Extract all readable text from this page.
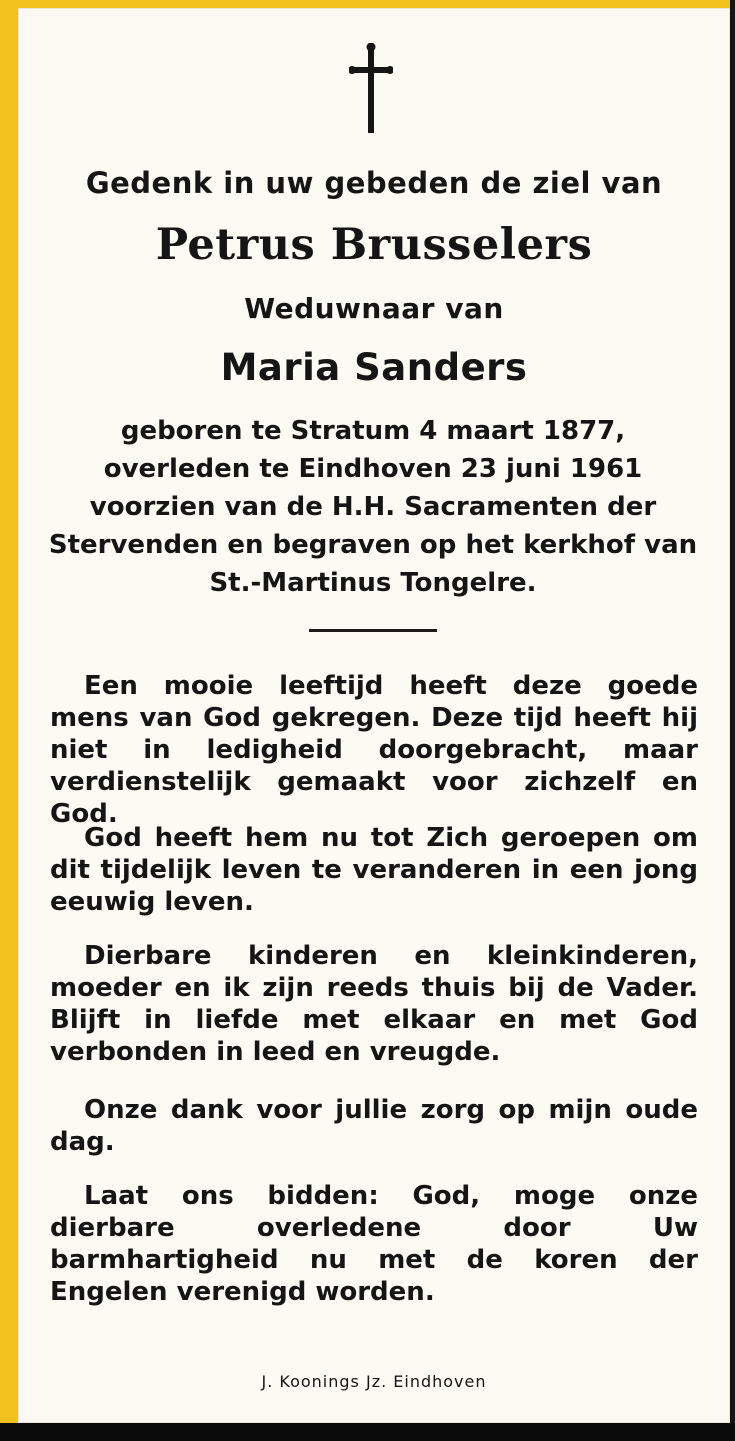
Gedenk in uw gebeden de ziel van

Petrus Brusselers

Weduwnaar van

Maria Sanders

geboren te Stratum 4 maart 1877, overleden te Eindhoven 23 juni 1961 voorzien van de H.H. Sacramenten der Stervenden en begraven op het kerkhof van St.-Martinus Tongelre.

Een mooie leeftijd heeft deze goede mens van God gekregen. Deze tijd heeft hij niet in ledigheid doorgebracht, maar verdienstelijk gemaakt voor zichzelf en God.

God heeft hem nu tot Zich geroepen om dit tijdelijk leven te veranderen in een jong eeuwig leven.

Dierbare kinderen en kleinkinderen, moeder en ik zijn reeds thuis bij de Vader. Blijft in liefde met elkaar en met God verbonden in leed en vreugde.

Onze dank voor jullie zorg op mijn oude dag.

Laat ons bidden: God, moge onze dierbare overledene door Uw barmhartigheid nu met de koren der Engelen verenigd worden.

J. Koonings Jz. Eindhoven
